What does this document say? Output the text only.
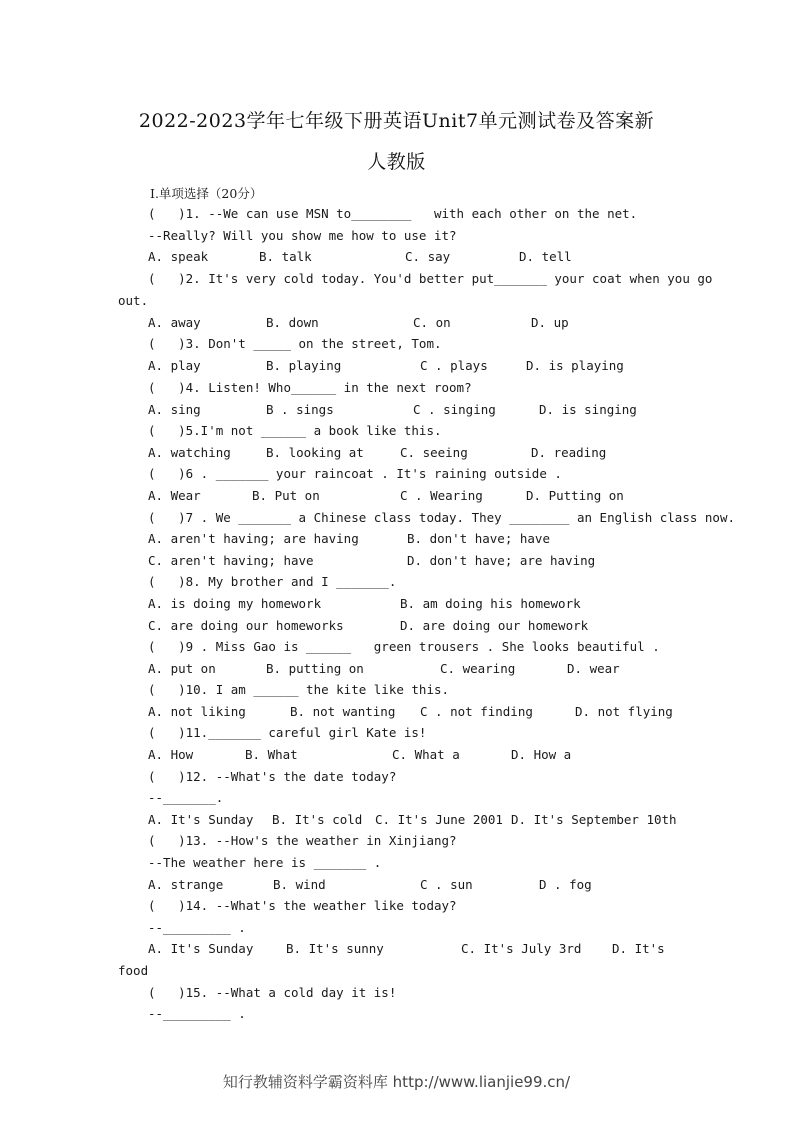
2022-2023学年七年级下册英语Unit7单元测试卷及答案新
人教版
I.单项选择（20分）
(   )1. --We can use MSN to________   with each other on the net.
--Really? Will you show me how to use it?
A. speak	B. talk	C. say	D. tell
(   )2. It's very cold today. You'd better put_______ your coat when you go
out.
A. away	B. down	C. on	D. up
(   )3. Don't _____ on the street, Tom.
A. play	B. playing	C . plays	D. is playing
(   )4. Listen! Who______ in the next room?
A. sing	B . sings	C . singing	D. is singing
(   )5.I'm not ______ a book like this.
A. watching	B. looking at	C. seeing	D. reading
(   )6 . _______ your raincoat . It's raining outside .
A. Wear	B. Put on	C . Wearing	D. Putting on
(   )7 . We _______ a Chinese class today. They ________ an English class now.
A. aren't having; are having	B. don't have; have
C. aren't having; have	D. don't have; are having
(   )8. My brother and I _______.
A. is doing my homework	B. am doing his homework
C. are doing our homeworks	D. are doing our homework
(   )9 . Miss Gao is ______   green trousers . She looks beautiful .
A. put on	B. putting on	C. wearing	D. wear
(   )10. I am ______ the kite like this.
A. not liking	B. not wanting C . not finding	D. not flying
(   )11._______ careful girl Kate is!
A. How	B. What	C. What a	D. How a
(   )12. --What's the date today?
--_______.
A. It's Sunday B. It's cold C. It's June 2001 D. It's September 10th
(   )13. --How's the weather in Xinjiang?
--The weather here is _______ .
A. strange	B. wind	C . sun	D . fog
(   )14. --What's the weather like today?
--_________ .
A. It's Sunday	B. It's sunny	C. It's July 3rd D. It's
food
(   )15. --What a cold day it is!
--_________ .
知行教辅资料学霸资料库 http://www.lianjie99.cn/
